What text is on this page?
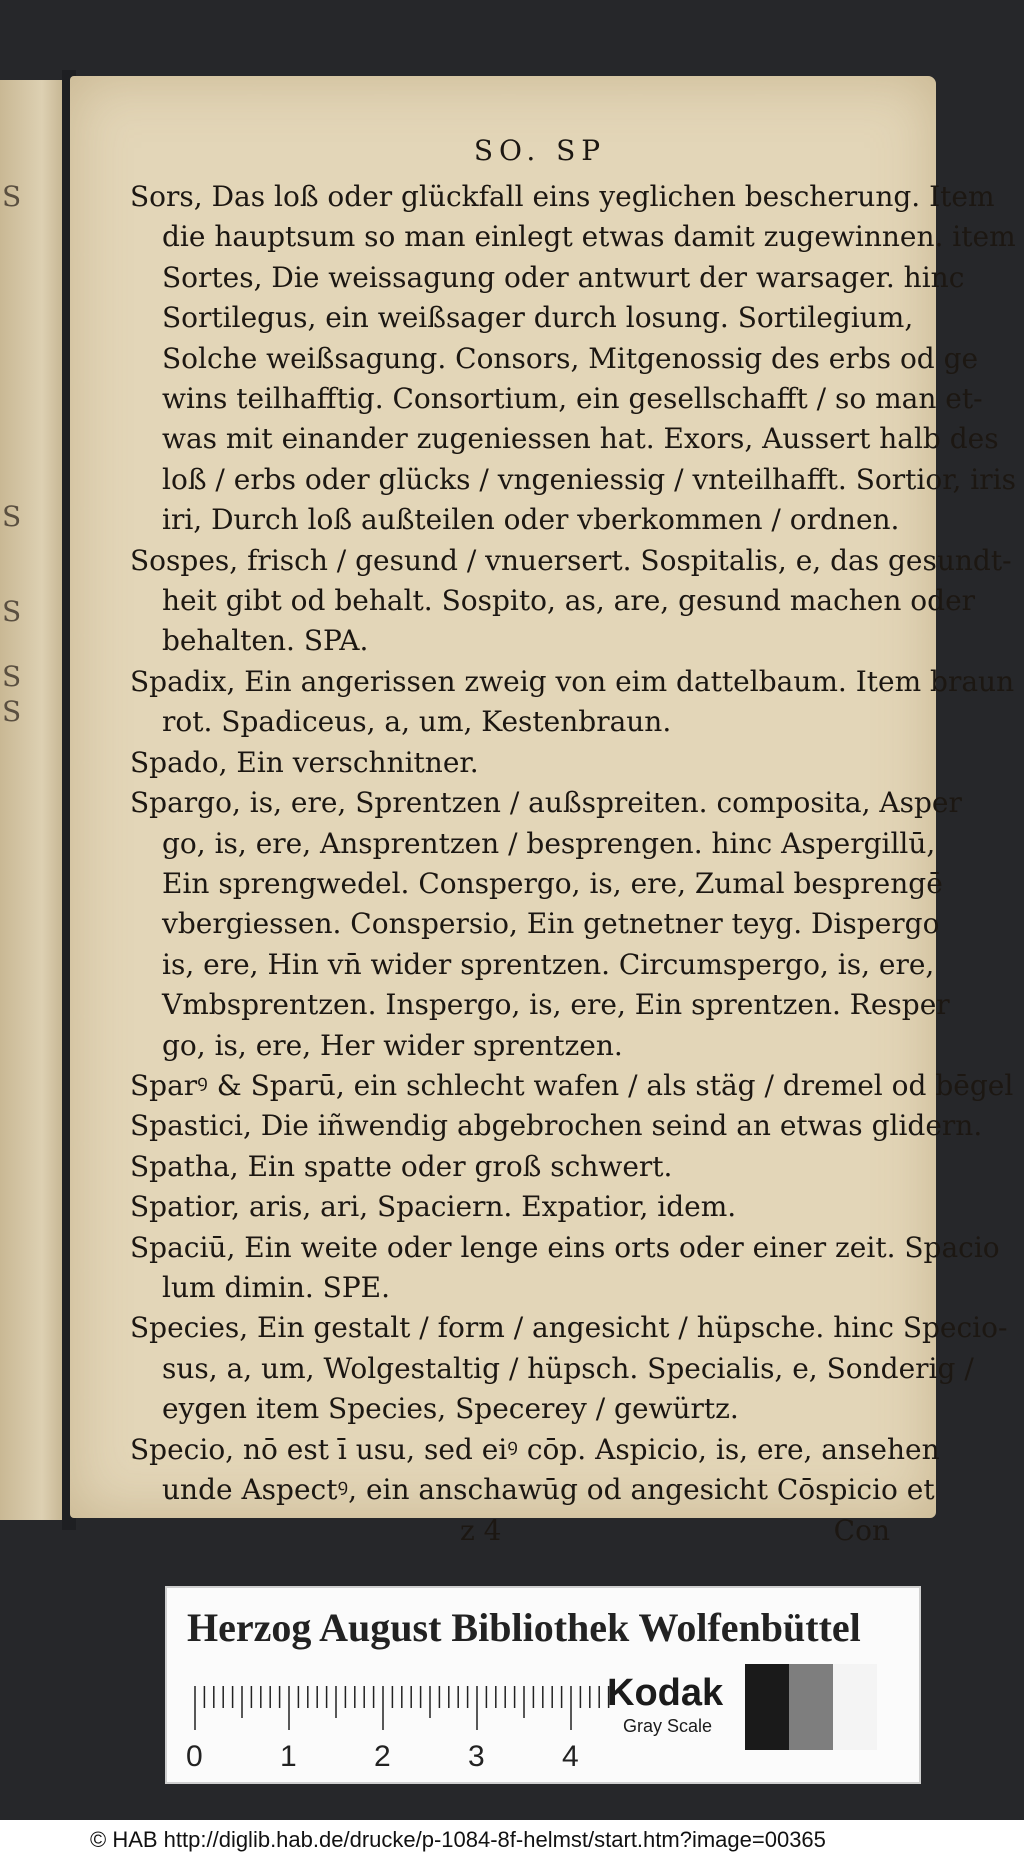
S
S
S
S
S
SO. SP
Sors, Das loß oder glückfall eins yeglichen bescherung. Item
die hauptsum so man einlegt etwas damit zugewinnen. item
Sortes, Die weissagung oder antwurt der warsager. hinc
Sortilegus, ein weißsager durch losung. Sortilegium,
Solche weißsagung. Consors, Mitgenossig des erbs od ge
wins teilhafftig. Consortium, ein gesellschafft / so man et-
was mit einander zugeniessen hat. Exors, Aussert halb des
loß / erbs oder glücks / vngeniessig / vnteilhafft. Sortior, iris
iri, Durch loß außteilen oder vberkommen / ordnen.
Sospes, frisch / gesund / vnuersert. Sospitalis, e, das gesundt-
heit gibt od behalt. Sospito, as, are, gesund machen oder
behalten. SPA.
Spadix, Ein angerissen zweig von eim dattelbaum. Item braun
rot. Spadiceus, a, um, Kestenbraun.
Spado, Ein verschnitner.
Spargo, is, ere, Sprentzen / außspreiten. composita, Asper
go, is, ere, Ansprentzen / besprengen. hinc Aspergillū,
Ein sprengwedel. Conspergo, is, ere, Zumal besprengē
vbergiessen. Conspersio, Ein getnetner teyg. Dispergo
is, ere, Hin vn̄ wider sprentzen. Circumspergo, is, ere,
Vmbsprentzen. Inspergo, is, ere, Ein sprentzen. Resper
go, is, ere, Her wider sprentzen.
Sparꝰ & Sparū, ein schlecht wafen / als stäg / dremel od bēgel
Spastici, Die iñwendig abgebrochen seind an etwas glidern.
Spatha, Ein spatte oder groß schwert.
Spatior, aris, ari, Spaciern. Expatior, idem.
Spaciū, Ein weite oder lenge eins orts oder einer zeit. Spacio
lum dimin. SPE.
Species, Ein gestalt / form / angesicht / hüpsche. hinc Specio-
sus, a, um, Wolgestaltig / hüpsch. Specialis, e, Sonderig /
eygen item Species, Specerey / gewürtz.
Specio, nō est ī usu, sed eiꝰ cōp. Aspicio, is, ere, ansehen
unde Aspectꝰ, ein anschawūg od angesicht Cōspicio et
z 4	Con
Herzog August Bibliothek Wolfenbüttel
0	1	2	3	4
Kodak
Gray Scale
© HAB http://diglib.hab.de/drucke/p-1084-8f-helmst/start.htm?image=00365
